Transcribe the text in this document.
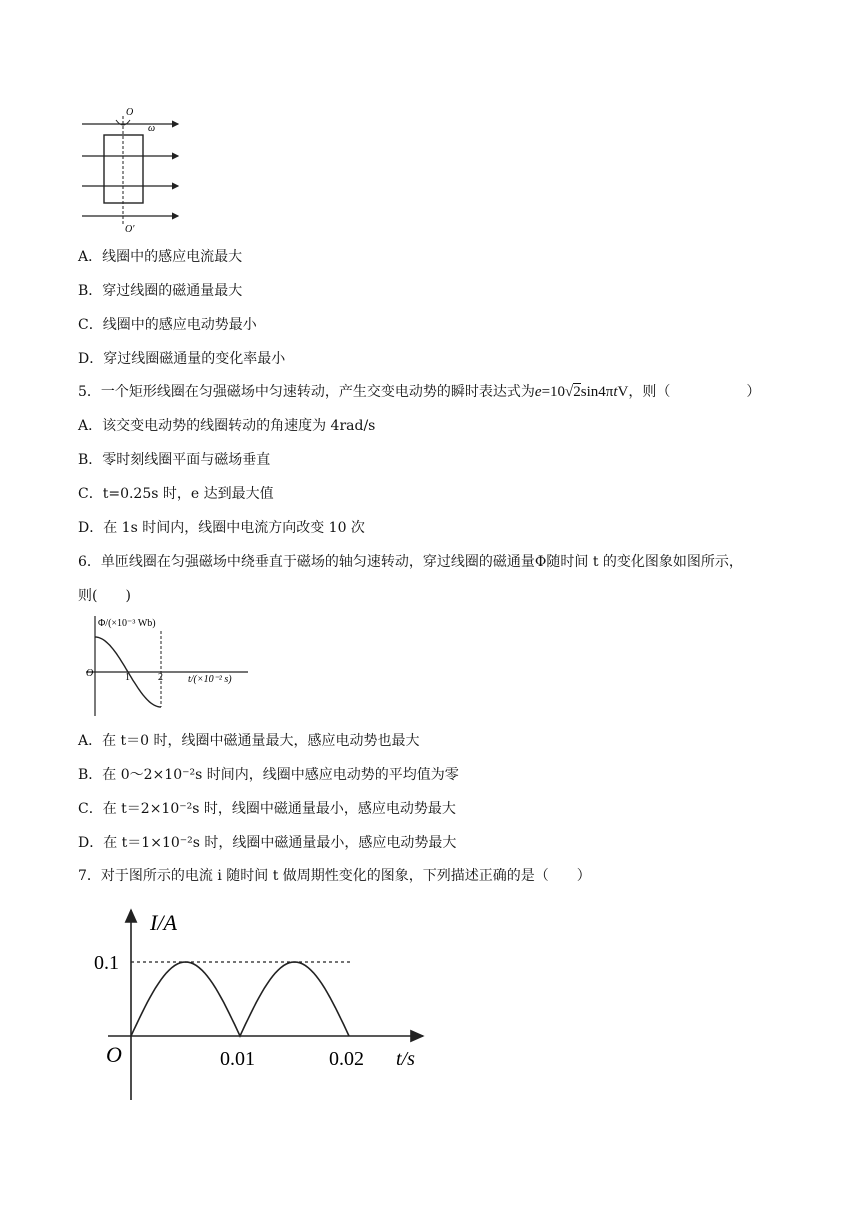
O
ω
O′
A．线圈中的感应电流最大
B．穿过线圈的磁通量最大
C．线圈中的感应电动势最小
D．穿过线圈磁通量的变化率最小
5．一个矩形线圈在匀强磁场中匀速转动，产生交变电动势的瞬时表达式为e=10√2sin4πtV，则（	）
A．该交变电动势的线圈转动的角速度为 4rad/s
B．零时刻线圈平面与磁场垂直
C．t=0.25s 时，e 达到最大值
D．在 1s 时间内，线圈中电流方向改变 10 次
6．单匝线圈在匀强磁场中绕垂直于磁场的轴匀速转动，穿过线圈的磁通量Φ随时间 t 的变化图象如图所示，
则(　　)
Φ/(×10⁻³ Wb)
t/(×10⁻² s)
O	1	2
A．在 t＝0 时，线圈中磁通量最大，感应电动势也最大
B．在 0～2×10⁻²s 时间内，线圈中感应电动势的平均值为零
C．在 t＝2×10⁻²s 时，线圈中磁通量最小，感应电动势最大
D．在 t＝1×10⁻²s 时，线圈中磁通量最小，感应电动势最大
7．对于图所示的电流 i 随时间 t 做周期性变化的图象，下列描述正确的是（　　）
I/A
t/s
O
0.1
0.01	0.02
